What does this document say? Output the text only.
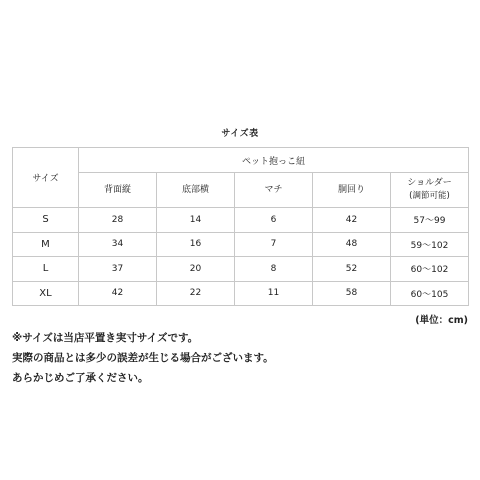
サイズ表
サイズ	ペット抱っこ紐				

	背面縦	底部横	マチ	胴回り	ショルダー
(調節可能)

S	28	14	6	42	57〜99
M	34	16	7	48	59〜102
L	37	20	8	52	60〜102
XL	42	22	11	58	60〜105
(単位：cm)
※サイズは当店平置き実寸サイズです。
実際の商品とは多少の誤差が生じる場合がございます。
あらかじめご了承ください。
